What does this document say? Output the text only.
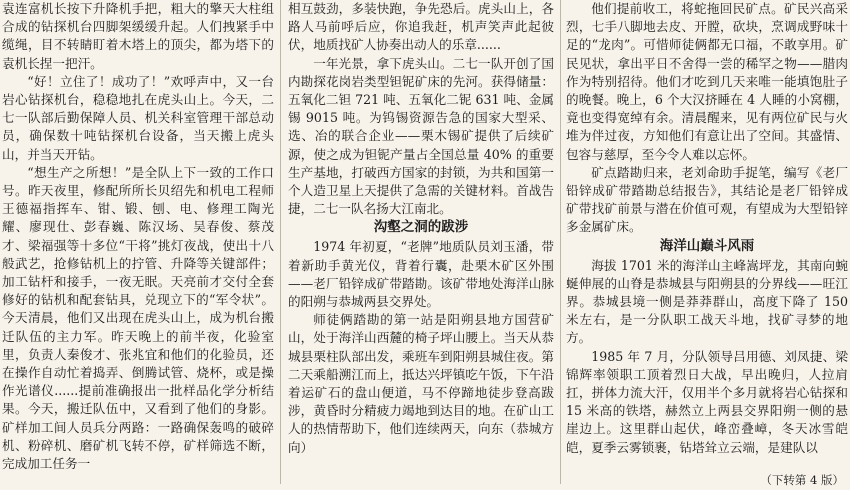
袁连富机长按下升降机手把，粗大的擎天大柱组合成的钻探机台四脚架缓缓升起。人们拽紧手中缆绳，目不转睛盯着木塔上的顶尖，都为塔下的袁机长捏一把汗。

“好！立住了！成功了！”欢呼声中，又一台岩心钻探机台，稳稳地扎在虎头山上。今天，二七一队部后勤保障人员、机关科室管理干部总动员，确保数十吨钻探机台设备，当天搬上虎头山，并当天开钻。

“想生产之所想！”是全队上下一致的工作口号。昨天夜里，修配所所长贝绍先和机电工程师王德福指挥车、钳、锻、刨、电、修理工陶光耀、廖现仕、彭春巍、陈汉场、吴春俊、蔡茂才、梁福强等十多位“干将”挑灯夜战，使出十八般武艺，抢修钻机上的拧管、升降等关键部件；加工钻杆和接手，一夜无眠。天亮前才交付全套修好的钻机和配套钻具，兑现立下的“军令状”。今天清晨，他们又出现在虎头山上，成为机台搬迁队伍的主力军。昨天晚上的前半夜，化验室里，负责人秦俊才、张兆宜和他们的化验员，还在操作自动忙着捣弄、倒腾试管、烧杯，或是操作光谱仪......提前准确报出一批样品化学分析结果。今天，搬迁队伍中，又看到了他们的身影。矿样加工间人员兵分两路：一路确保轰鸣的破碎机、粉碎机、磨矿机飞转不停，矿样筛选不断，完成加工任务一

相互鼓劲，多装快跑，争先恐后。虎头山上，各路人马前呼后应，你追我赶，机声笑声此起彼伏，地质找矿人协奏出动人的乐章......

一年光景，拿下虎头山。二七一队开创了国内勘探花岗岩类型钽铌矿床的先河。获得储量：五氧化二钽 721 吨、五氧化二铌 631 吨、金属锡 9015 吨。为钨锡资源告急的国家大型采、选、冶的联合企业——栗木锡矿提供了后续矿源，使之成为钽铌产量占全国总量 40% 的重要生产基地，打破西方国家的封锁，为共和国第一个人造卫星上天提供了急需的关键材料。首战告捷，二七一队名扬大江南北。

沟壑之洞的跋涉

1974 年初夏，“老牌”地质队员刘玉潘，带着新助手黄光仪，背着行囊，赴栗木矿区外围——老厂铅锌成矿带踏勘。该矿带地处海洋山脉的阳朔与恭城两县交界处。

师徒俩踏勘的第一站是阳朔县地方国营矿山，处于海洋山西麓的椅子坪山腰上。当天从恭城县栗柱队部出发，乘班车到阳朔县城住夜。第二天乘船溯江而上，抵达兴坪镇吃午饭，下午沿着运矿石的盘山便道，马不停蹄地徒步登高跋涉，黄昏时分精疲力竭地到达目的地。在矿山工人的热情帮助下，他们连续两天，向东（恭城方向）

他们提前收工，将蛇拖回民矿点。矿民兴高采烈，七手八脚地去皮、开膛，砍块，烹调成野味十足的“龙肉”。可惜师徒俩都无口福，不敢享用。矿民见状，拿出平日不舍得一尝的稀罕之物——腊肉作为特别招待。他们才吃到几天来唯一能填饱肚子的晚餐。晚上，6 个大汉挤睡在 4 人睡的小窝棚，竟也变得宽绰有余。清晨醒来，见有两位矿民与火堆为伴过夜，方知他们有意让出了空间。其盛情、包容与慈厚，至今令人难以忘怀。

矿点踏勘归来，老刘命助手捉笔，编写《老厂铅锌成矿带踏勘总结报告》，其结论是老厂铅锌成矿带找矿前景与潜在价值可观，有望成为大型铅锌多金属矿床。

海洋山巅斗风雨

海拔 1701 米的海洋山主峰嵩坪龙，其南向蜿蜒伸展的山脊是恭城县与阳朔县的分界线——旺江界。恭城县境一侧是莽莽群山，高度下降了 150 米左右，是一分队职工战天斗地，找矿寻梦的地方。

1985 年 7 月，分队领导吕用德、刘凤捷、梁锦辉率领职工顶着烈日大战，早出晚归，人拉肩扛，拼体力流大汗，仅用半个多月就将岩心钻探和 15 米高的铁塔，赫然立上两县交界阳朔一侧的悬崖边上。这里群山起伏，峰峦叠嶂，冬天冰雪皑皑，夏季云雾锁裹，钻塔耸立云端，是建队以

（下转第 4 版）
